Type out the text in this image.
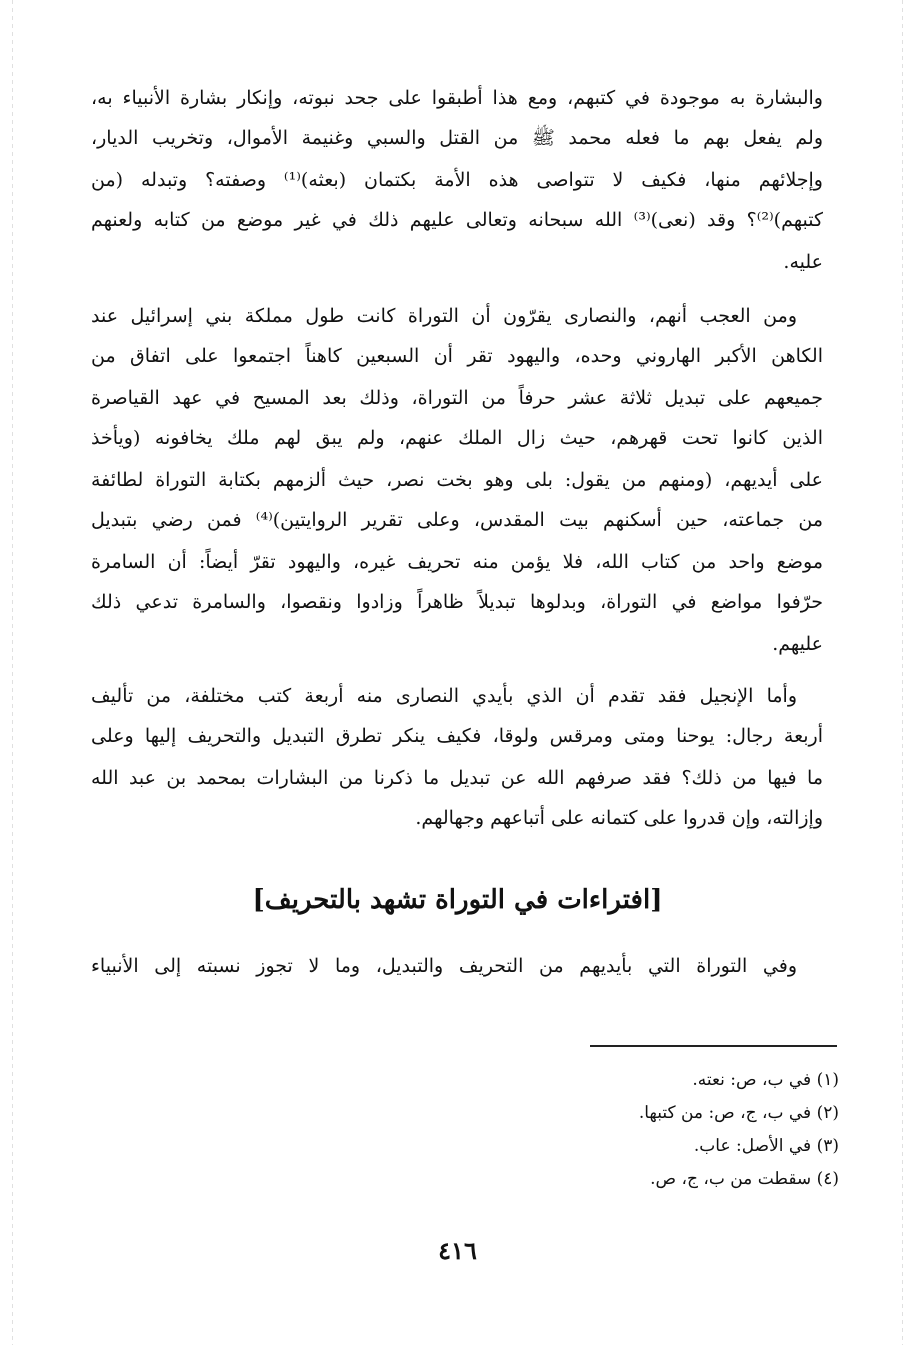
والبشارة به موجودة في كتبهم، ومع هذا أطبقوا على جحد نبوته، وإنكار بشارة الأنبياء به،
ولم يفعل بهم ما فعله محمد ﷺ من القتل والسبي وغنيمة الأموال، وتخريب الديار،
وإجلائهم منها، فكيف لا تتواصى هذه الأمة بكتمان (بعثه)⁽¹⁾ وصفته؟ وتبدله (من
كتبهم)⁽²⁾؟ وقد (نعى)⁽³⁾ الله سبحانه وتعالى عليهم ذلك في غير موضع من كتابه ولعنهم
عليه.
ومن العجب أنهم، والنصارى يقرّون أن التوراة كانت طول مملكة بني إسرائيل عند
الكاهن الأكبر الهاروني وحده، واليهود تقر أن السبعين كاهناً اجتمعوا على اتفاق من
جميعهم على تبديل ثلاثة عشر حرفاً من التوراة، وذلك بعد المسيح في عهد القياصرة
الذين كانوا تحت قهرهم، حيث زال الملك عنهم، ولم يبق لهم ملك يخافونه (ويأخذ
على أيديهم، (ومنهم من يقول: بلى وهو بخت نصر، حيث ألزمهم بكتابة التوراة لطائفة
من جماعته، حين أسكنهم بيت المقدس، وعلى تقرير الروايتين)⁽⁴⁾ فمن رضي بتبديل
موضع واحد من كتاب الله، فلا يؤمن منه تحريف غيره، واليهود تقرّ أيضاً: أن السامرة
حرّفوا مواضع في التوراة، وبدلوها تبديلاً ظاهراً وزادوا ونقصوا، والسامرة تدعي ذلك
عليهم.
وأما الإنجيل فقد تقدم أن الذي بأيدي النصارى منه أربعة كتب مختلفة، من تأليف
أربعة رجال: يوحنا ومتى ومرقس ولوقا، فكيف ينكر تطرق التبديل والتحريف إليها وعلى
ما فيها من ذلك؟ فقد صرفهم الله عن تبديل ما ذكرنا من البشارات بمحمد بن عبد الله
وإزالته، وإن قدروا على كتمانه على أتباعهم وجهالهم.
[افتراءات في التوراة تشهد بالتحريف]
وفي التوراة التي بأيديهم من التحريف والتبديل، وما لا تجوز نسبته إلى الأنبياء
(١) في ب، ص: نعته.
(٢) في ب، ج، ص: من كتبها.
(٣) في الأصل: عاب.
(٤) سقطت من ب، ج، ص.
٤١٦
